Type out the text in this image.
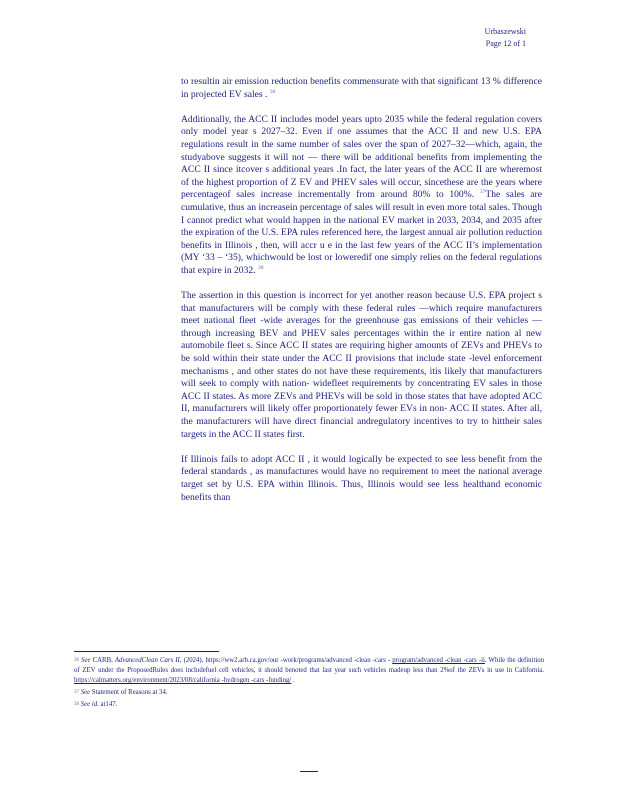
Urbaszewski
Page 12 of 1

to resultin air emission reduction benefits commensurate with that significant 13 % difference in projected EV sales . $^{36}$

Additionally, the ACC II includes model years upto 2035 while the federal regulation covers only model year s 2027–32. Even if one assumes that the ACC II and new U.S. EPA regulations result in the same number of sales over the span of 2027–32—which, again, the studyabove suggests it will not — there will be additional benefits from implementing the ACC II since itcover s additional years .In fact, the later years of the ACC II are wheremost of the highest proportion of Z EV and PHEV sales will occur, sincethese are the years where percentageof sales increase incrementally from around 80% to 100%. $^{37}$The sales are cumulative, thus an increasein percentage of sales will result in even more total sales. Though I cannot predict what would happen in the national EV market in 2033, 2034, and 2035 after the expiration of the U.S. EPA rules referenced here, the largest annual air pollution reduction benefits in Illinois , then, will accr u e in the last few years of the ACC II’s implementation (MY ‘33 – ‘35), whichwould be lost or loweredif one simply relies on the federal regulations that expire in 2032. $^{38}$

The assertion in this question is incorrect for yet another reason because U.S. EPA project s that manufacturers will be comply with these federal rules —which require manufacturers meet national fleet -wide averages for the greenhouse gas emissions of their vehicles —through increasing BEV and PHEV sales percentages within the ir entire nation al new automobile fleet s. Since ACC II states are requiring higher amounts of ZEVs and PHEVs to be sold within their state under the ACC II provisions that include state -level enforcement mechanisms , and other states do not have these requirements, itis likely that manufacturers will seek to comply with nation- widefleet requirements by concentrating EV sales in those ACC II states. As more ZEVs and PHEVs will be sold in those states that have adopted ACC II, manufacturers will likely offer proportionately fewer EVs in non- ACC II states. After all, the manufacturers will have direct financial andregulatory incentives to try to hittheir sales targets in the ACC II states first.

If Illinois fails to adopt ACC II , it would logically be expected to see less benefit from the federal standards , as manufactures would have no requirement to meet the national average target set by U.S. EPA within Illinois. Thus, Illinois would see less healthand economic benefits than

$^{36}$ See CARB, AdvancedClean Cars II, (2024), https://ww2.arb.ca.gov/our -work/programs/advanced -clean -cars - program/advanced -clean -cars -ii. While the definition of ZEV under the ProposedRules does includefuel cell vehicles, it should benoted that last year such vehicles madeup less than 2%of the ZEVs in use in California. https://calmatters.org/environment/2023/08/california -hydrogen -cars -funding/ .

$^{37}$ See Statement of Reasons at 34.

$^{38}$ See id. at147.
